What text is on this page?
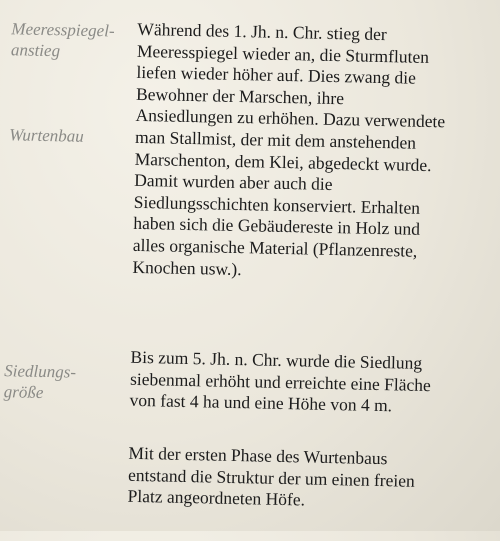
Meeresspiegel-
anstieg
Wurtenbau
Siedlungs-
größe
Während des 1. Jh. n. Chr. stieg der
Meeresspiegel wieder an, die Sturmfluten
liefen wieder höher auf. Dies zwang die
Bewohner der Marschen, ihre
Ansiedlungen zu erhöhen. Dazu verwendete
man Stallmist, der mit dem anstehenden
Marschenton, dem Klei, abgedeckt wurde.
Damit wurden aber auch die
Siedlungsschichten konserviert. Erhalten
haben sich die Gebäudereste in Holz und
alles organische Material (Pflanzenreste,
Knochen usw.).
Bis zum 5. Jh. n. Chr. wurde die Siedlung
siebenmal erhöht und erreichte eine Fläche
von fast 4 ha und eine Höhe von 4 m.
Mit der ersten Phase des Wurtenbaus
entstand die Struktur der um einen freien
Platz angeordneten Höfe.
